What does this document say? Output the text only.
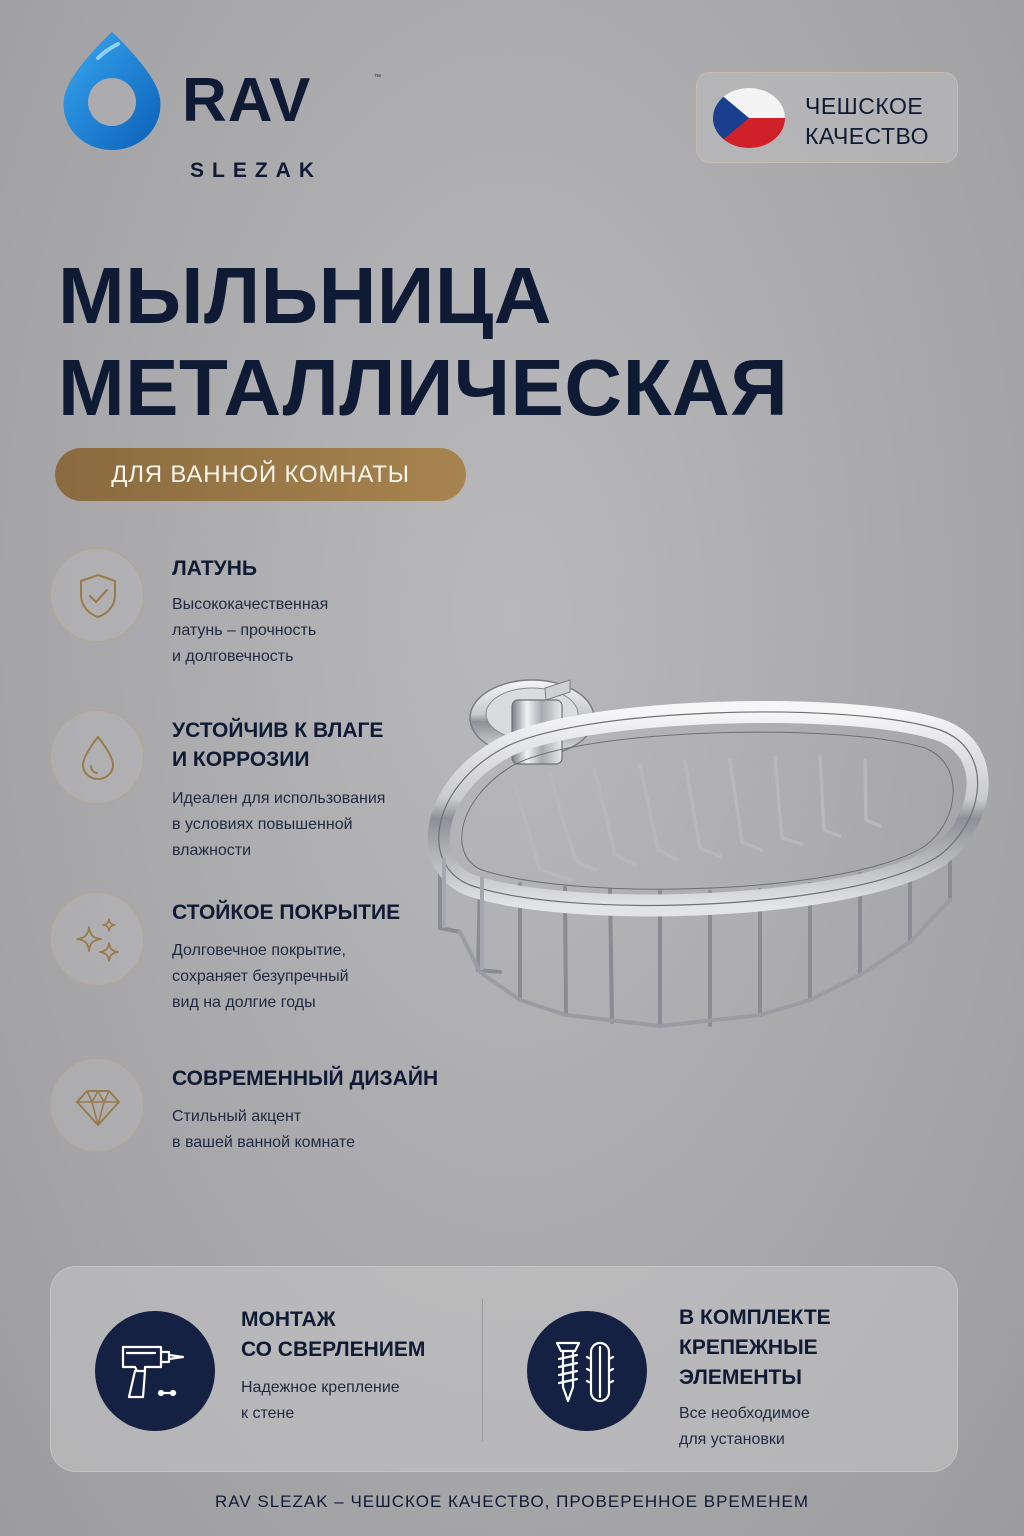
RAV	™
SLEZAK
ЧЕШСКОЕ
КАЧЕСТВО
МЫЛЬНИЦА
МЕТАЛЛИЧЕСКАЯ
ДЛЯ ВАННОЙ КОМНАТЫ
ЛАТУНЬ
Высококачественная
латунь – прочность
и долговечность
УСТОЙЧИВ К ВЛАГЕ
И КОРРОЗИИ
Идеален для использования
в условиях повышенной
влажности
СТОЙКОЕ ПОКРЫТИЕ
Долговечное покрытие,
сохраняет безупречный
вид на долгие годы
СОВРЕМЕННЫЙ ДИЗАЙН
Стильный акцент
в вашей ванной комнате
МОНТАЖ
СО СВЕРЛЕНИЕМ
Надежное крепление
к стене
В КОМПЛЕКТЕ
КРЕПЕЖНЫЕ
ЭЛЕМЕНТЫ
Все необходимое
для установки
RAV SLEZAK – ЧЕШСКОЕ КАЧЕСТВО, ПРОВЕРЕННОЕ ВРЕМЕНЕМ
